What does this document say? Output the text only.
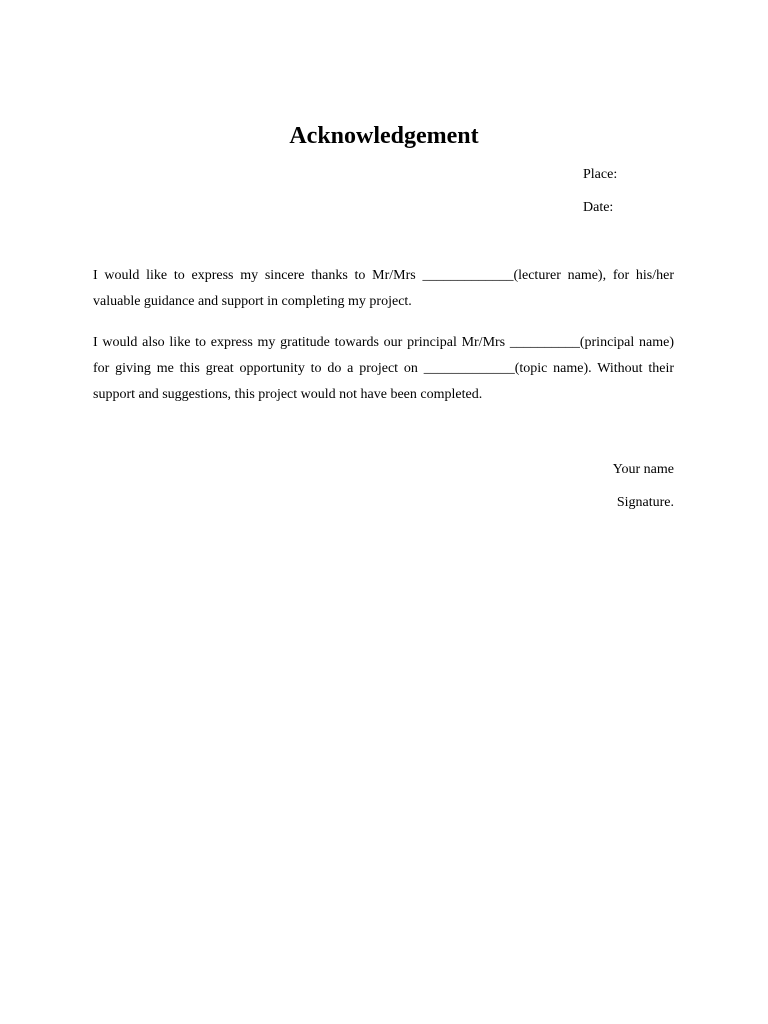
Acknowledgement
Place:
Date:

I would like to express my sincere thanks to Mr/Mrs _____________(lecturer name), for his/her valuable guidance and support in completing my project.

I would also like to express my gratitude towards our principal Mr/Mrs __________(principal name) for giving me this great opportunity to do a project on _____________(topic name). Without their support and suggestions, this project would not have been completed.

Your name
Signature.
